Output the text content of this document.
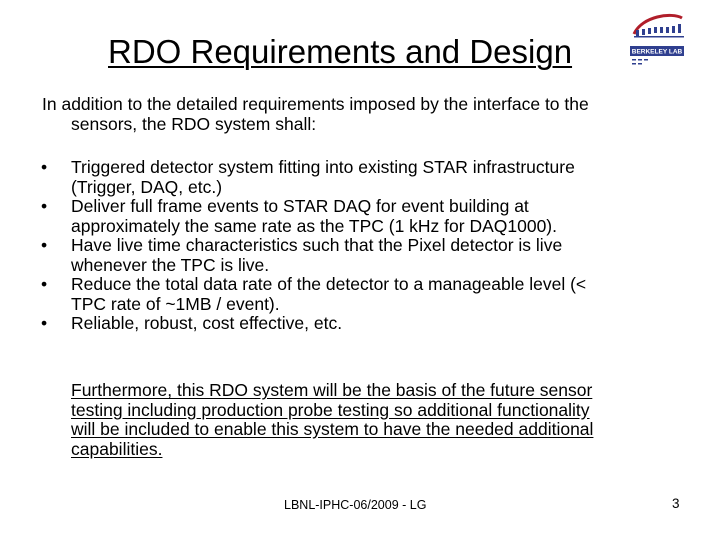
RDO Requirements and Design	BERKELEY LAB
In addition to the detailed requirements imposed by the interface to the
sensors, the RDO system shall:
• Triggered detector system fitting into existing STAR infrastructure
(Trigger, DAQ, etc.)
• Deliver full frame events to STAR DAQ for event building at
approximately the same rate as the TPC (1 kHz for DAQ1000).
• Have live time characteristics such that the Pixel detector is live
whenever the TPC is live.
• Reduce the total data rate of the detector to a manageable level (<
TPC rate of ~1MB / event).
• Reliable, robust, cost effective, etc.
Furthermore, this RDO system will be the basis of the future sensor
testing including production probe testing so additional functionality
will be included to enable this system to have the needed additional
capabilities.
LBNL-IPHC-06/2009 - LG	3
